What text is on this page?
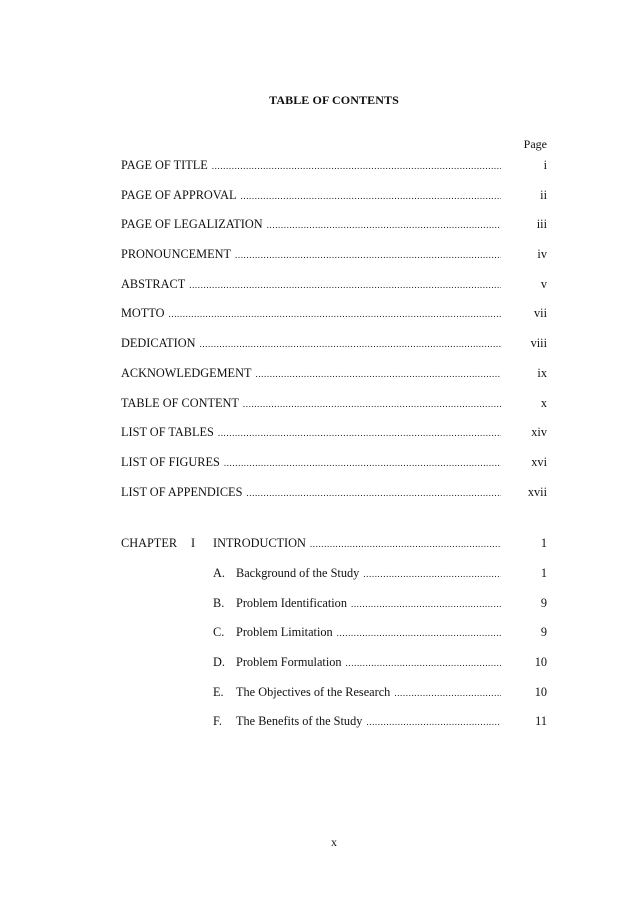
TABLE OF CONTENTS
Page
PAGE OF TITLE .....	i
PAGE OF APPROVAL .....	ii
PAGE OF LEGALIZATION .....	iii
PRONOUNCEMENT .....	iv
ABSTRACT .....	v
MOTTO .....	vii
DEDICATION .....	viii
ACKNOWLEDGEMENT .....	ix
TABLE OF CONTENT .....	x
LIST OF TABLES .....	xiv
LIST OF FIGURES .....	xvi
LIST OF APPENDICES .....	xvii
CHAPTER I INTRODUCTION .....	1
A. Background of the Study .....	1
B. Problem Identification .....	9
C. Problem Limitation .....	9
D. Problem Formulation .....	10
E.	The Objectives of the Research .....	10
F.	The Benefits of the Study .....	11
x
